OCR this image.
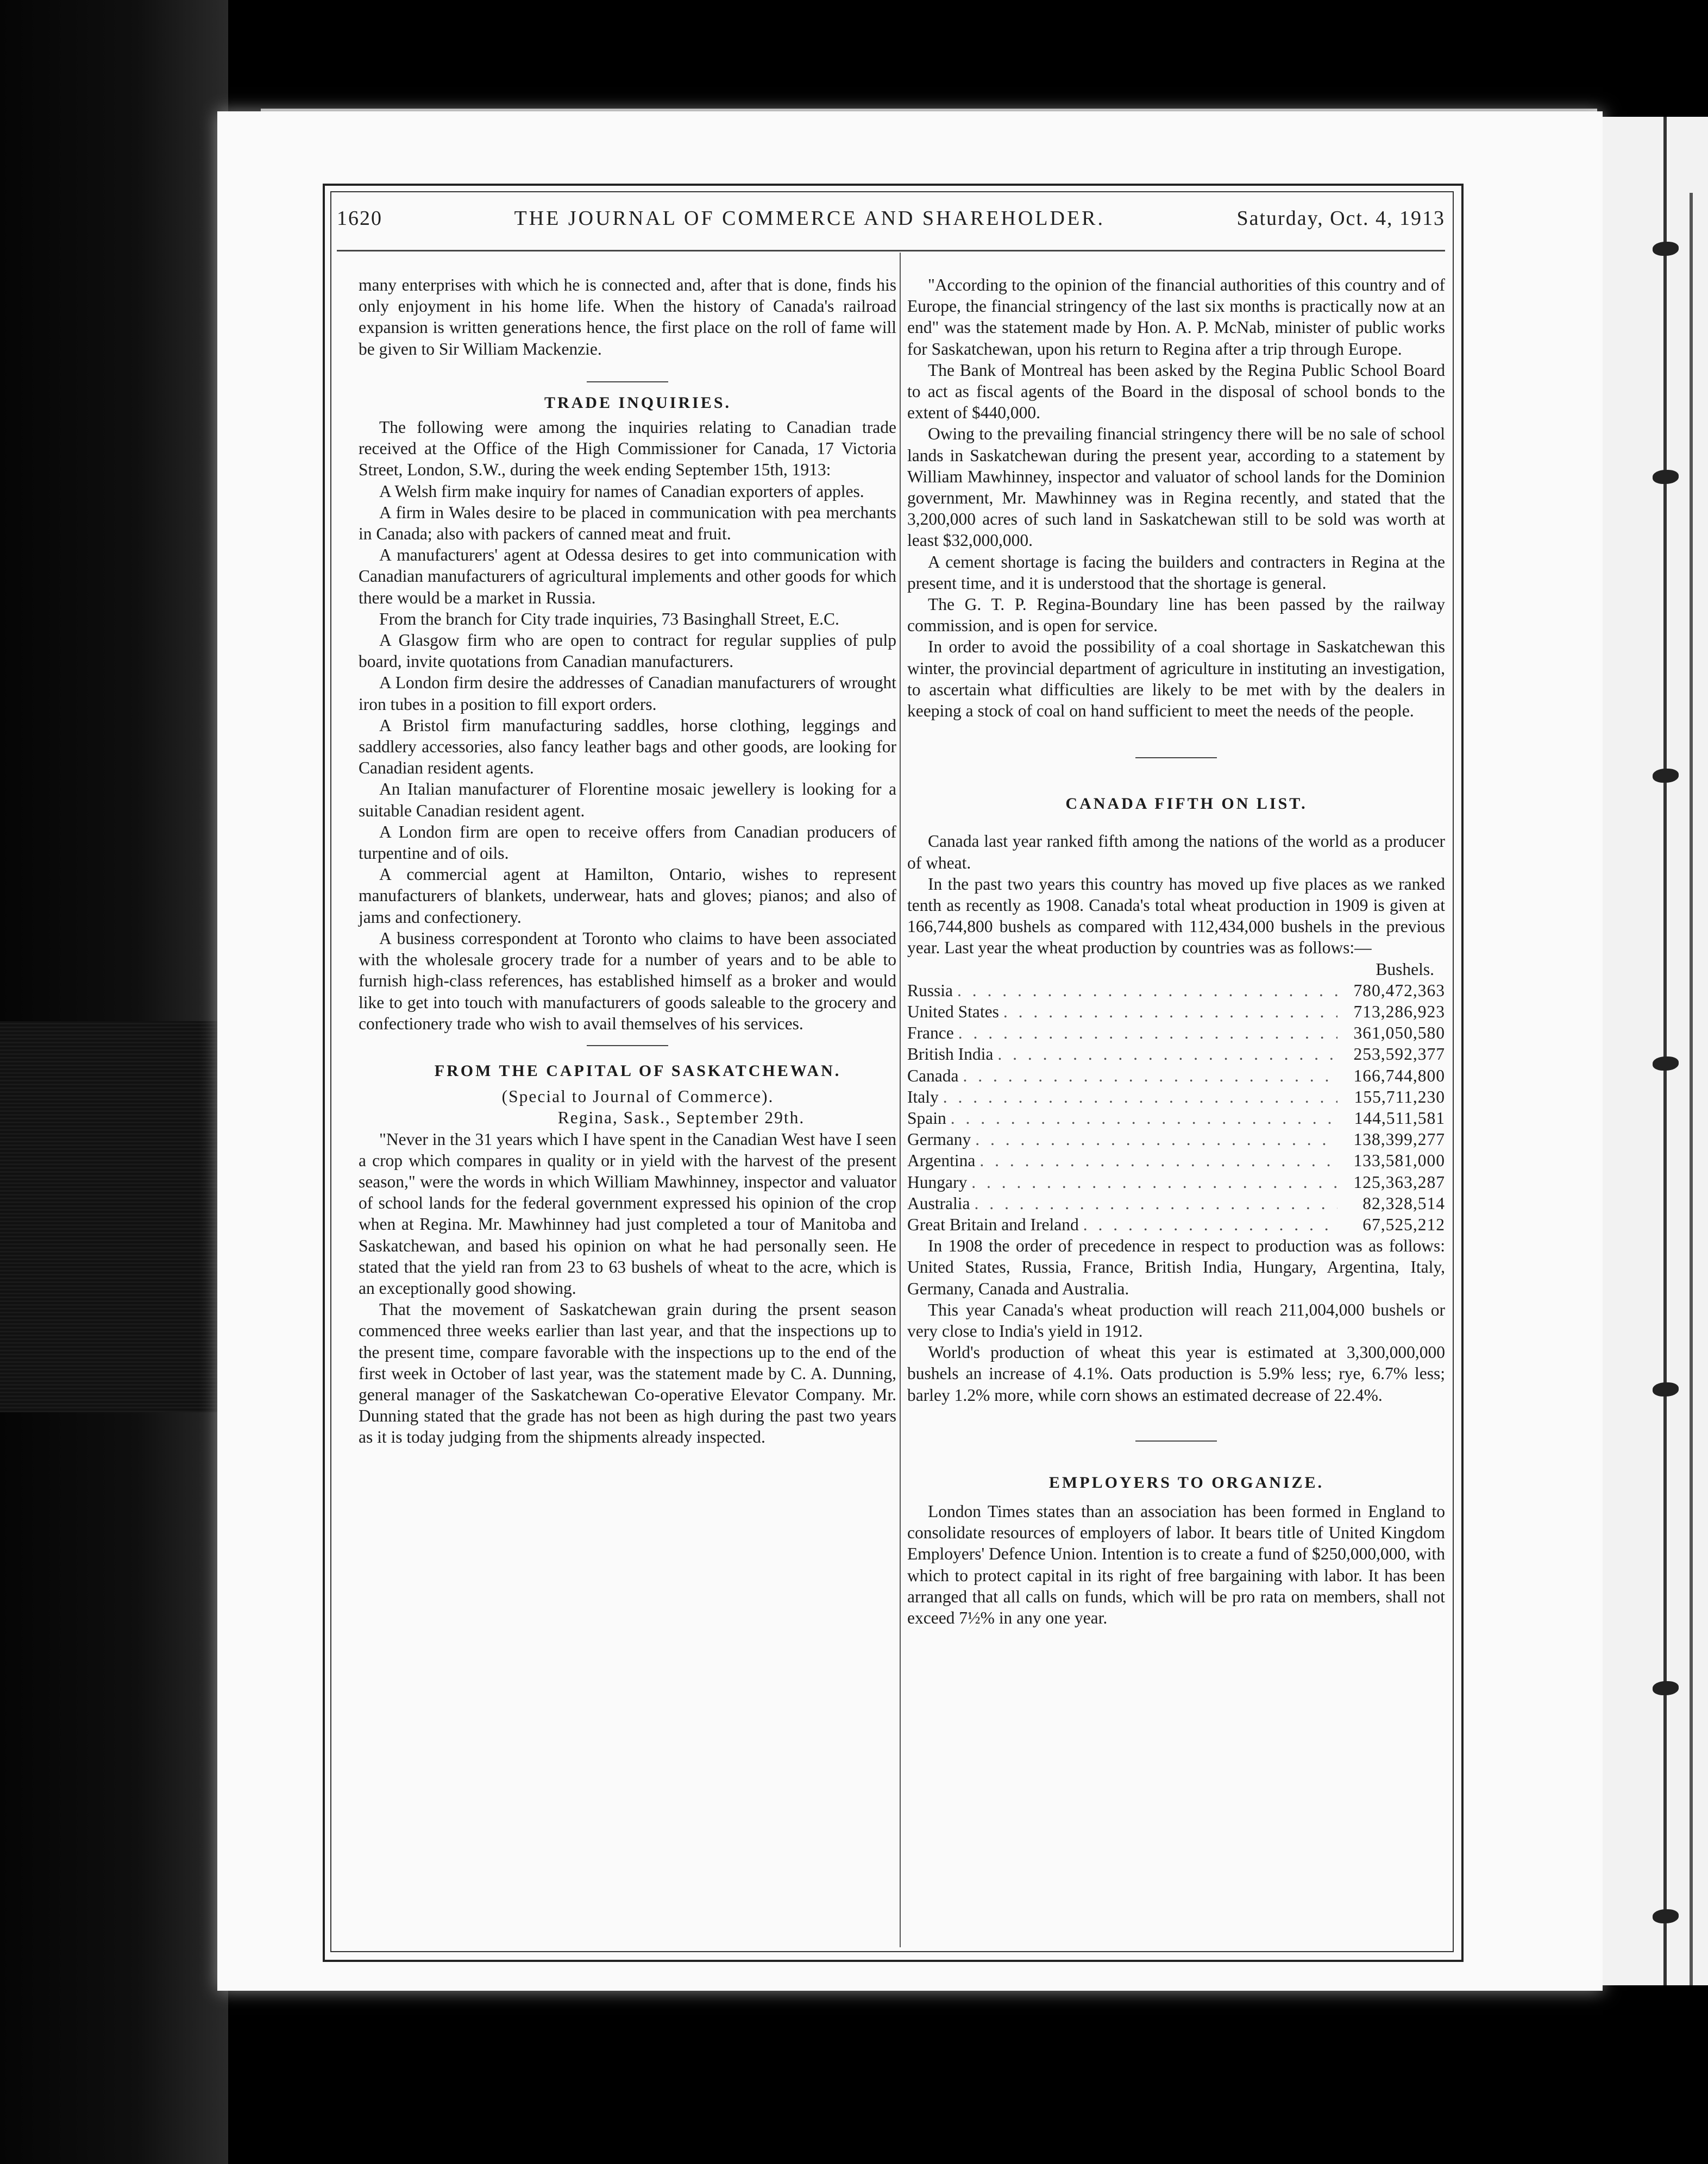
1620	THE JOURNAL OF COMMERCE AND SHAREHOLDER.	Saturday, Oct. 4, 1913

many enterprises with which he is connected and, after that is done, finds his only enjoyment in his home life. When the history of Canada's railroad expansion is written generations hence, the first place on the roll of fame will be given to Sir William Mackenzie.

TRADE INQUIRIES.

The following were among the inquiries relating to Canadian trade received at the Office of the High Commissioner for Canada, 17 Victoria Street, London, S.W., during the week ending September 15th, 1913:

A Welsh firm make inquiry for names of Canadian exporters of apples.

A firm in Wales desire to be placed in communication with pea merchants in Canada; also with packers of canned meat and fruit.

A manufacturers' agent at Odessa desires to get into communication with Canadian manufacturers of agricultural implements and other goods for which there would be a market in Russia.

From the branch for City trade inquiries, 73 Basinghall Street, E.C.

A Glasgow firm who are open to contract for regular supplies of pulp board, invite quotations from Canadian manufacturers.

A London firm desire the addresses of Canadian manufacturers of wrought iron tubes in a position to fill export orders.

A Bristol firm manufacturing saddles, horse clothing, leggings and saddlery accessories, also fancy leather bags and other goods, are looking for Canadian resident agents.

An Italian manufacturer of Florentine mosaic jewellery is looking for a suitable Canadian resident agent.

A London firm are open to receive offers from Canadian producers of turpentine and of oils.

A commercial agent at Hamilton, Ontario, wishes to represent manufacturers of blankets, underwear, hats and gloves; pianos; and also of jams and confectionery.

A business correspondent at Toronto who claims to have been associated with the wholesale grocery trade for a number of years and to be able to furnish high-class references, has established himself as a broker and would like to get into touch with manufacturers of goods saleable to the grocery and confectionery trade who wish to avail themselves of his services.

FROM THE CAPITAL OF SASKATCHEWAN.

(Special to Journal of Commerce).

Regina, Sask., September 29th.

"Never in the 31 years which I have spent in the Canadian West have I seen a crop which compares in quality or in yield with the harvest of the present season," were the words in which William Mawhinney, inspector and valuator of school lands for the federal government expressed his opinion of the crop when at Regina. Mr. Mawhinney had just completed a tour of Manitoba and Saskatchewan, and based his opinion on what he had personally seen. He stated that the yield ran from 23 to 63 bushels of wheat to the acre, which is an exceptionally good showing.

That the movement of Saskatchewan grain during the prsent season commenced three weeks earlier than last year, and that the inspections up to the present time, compare favorable with the inspections up to the end of the first week in October of last year, was the statement made by C. A. Dunning, general manager of the Saskatchewan Co-operative Elevator Company. Mr. Dunning stated that the grade has not been as high during the past two years as it is today judging from the shipments already inspected.

"According to the opinion of the financial authorities of this country and of Europe, the financial stringency of the last six months is practically now at an end" was the statement made by Hon. A. P. McNab, minister of public works for Saskatchewan, upon his return to Regina after a trip through Europe.

The Bank of Montreal has been asked by the Regina Public School Board to act as fiscal agents of the Board in the disposal of school bonds to the extent of $440,000.

Owing to the prevailing financial stringency there will be no sale of school lands in Saskatchewan during the present year, according to a statement by William Mawhinney, inspector and valuator of school lands for the Dominion government, Mr. Mawhinney was in Regina recently, and stated that the 3,200,000 acres of such land in Saskatchewan still to be sold was worth at least $32,000,000.

A cement shortage is facing the builders and contracters in Regina at the present time, and it is understood that the shortage is general.

The G. T. P. Regina-Boundary line has been passed by the railway commission, and is open for service.

In order to avoid the possibility of a coal shortage in Saskatchewan this winter, the provincial department of agriculture in instituting an investigation, to ascertain what difficulties are likely to be met with by the dealers in keeping a stock of coal on hand sufficient to meet the needs of the people.

CANADA FIFTH ON LIST.

Canada last year ranked fifth among the nations of the world as a producer of wheat.

In the past two years this country has moved up five places as we ranked tenth as recently as 1908. Canada's total wheat production in 1909 is given at 166,744,800 bushels as compared with 112,434,000 bushels in the previous year. Last year the wheat production by countries was as follows:—

Bushels.
Russia . . .	780,472,363
United States . . .	713,286,923
France . . .	361,050,580
British India . . .	253,592,377
Canada . . .	166,744,800
Italy . . .	155,711,230
Spain . . .	144,511,581
Germany . . .	138,399,277
Argentina . . .	133,581,000
Hungary . . .	125,363,287
Australia . . .	82,328,514
Great Britain and Ireland . . .	67,525,212

In 1908 the order of precedence in respect to production was as follows: United States, Russia, France, British India, Hungary, Argentina, Italy, Germany, Canada and Australia.

This year Canada's wheat production will reach 211,004,000 bushels or very close to India's yield in 1912.

World's production of wheat this year is estimated at 3,300,000,000 bushels an increase of 4.1%. Oats production is 5.9% less; rye, 6.7% less; barley 1.2% more, while corn shows an estimated decrease of 22.4%.

EMPLOYERS TO ORGANIZE.

London Times states than an association has been formed in England to consolidate resources of employers of labor. It bears title of United Kingdom Employers' Defence Union. Intention is to create a fund of $250,000,000, with which to protect capital in its right of free bargaining with labor. It has been arranged that all calls on funds, which will be pro rata on members, shall not exceed 7½% in any one year.
